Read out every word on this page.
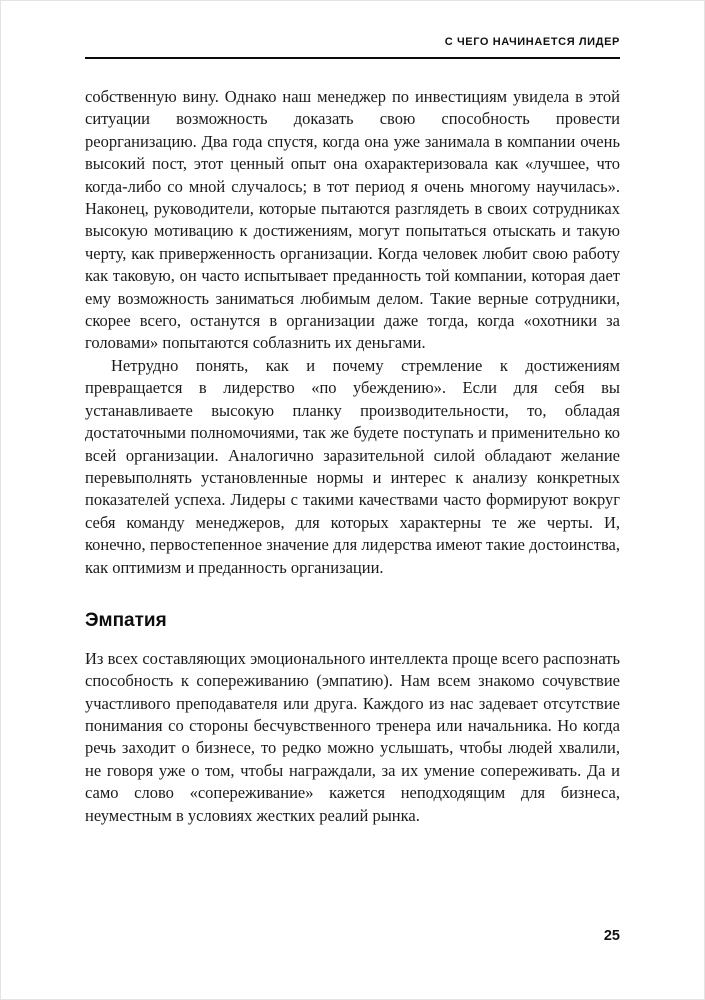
С ЧЕГО НАЧИНАЕТСЯ ЛИДЕР

собственную вину. Однако наш менеджер по инвестициям увидела в этой ситуации возможность доказать свою способность провести реорганизацию. Два года спустя, когда она уже занимала в компании очень высокий пост, этот ценный опыт она охарактеризовала как «лучшее, что когда-либо со мной случалось; в тот период я очень многому научилась». Наконец, руководители, которые пытаются разглядеть в своих сотрудниках высокую мотивацию к достижениям, могут попытаться отыскать и такую черту, как приверженность организации. Когда человек любит свою работу как таковую, он часто испытывает преданность той компании, которая дает ему возможность заниматься любимым делом. Такие верные сотрудники, скорее всего, останутся в организации даже тогда, когда «охотники за головами» попытаются соблазнить их деньгами.

Нетрудно понять, как и почему стремление к достижениям превращается в лидерство «по убеждению». Если для себя вы устанавливаете высокую планку производительности, то, обладая достаточными полномочиями, так же будете поступать и применительно ко всей организации. Аналогично заразительной силой обладают желание перевыполнять установленные нормы и интерес к анализу конкретных показателей успеха. Лидеры с такими качествами часто формируют вокруг себя команду менеджеров, для которых характерны те же черты. И, конечно, первостепенное значение для лидерства имеют такие достоинства, как оптимизм и преданность организации.

Эмпатия

Из всех составляющих эмоционального интеллекта проще всего распознать способность к сопереживанию (эмпатию). Нам всем знакомо сочувствие участливого преподавателя или друга. Каждого из нас задевает отсутствие понимания со стороны бесчувственного тренера или начальника. Но когда речь заходит о бизнесе, то редко можно услышать, чтобы людей хвалили, не говоря уже о том, чтобы награждали, за их умение сопереживать. Да и само слово «сопереживание» кажется неподходящим для бизнеса, неуместным в условиях жестких реалий рынка.

25
